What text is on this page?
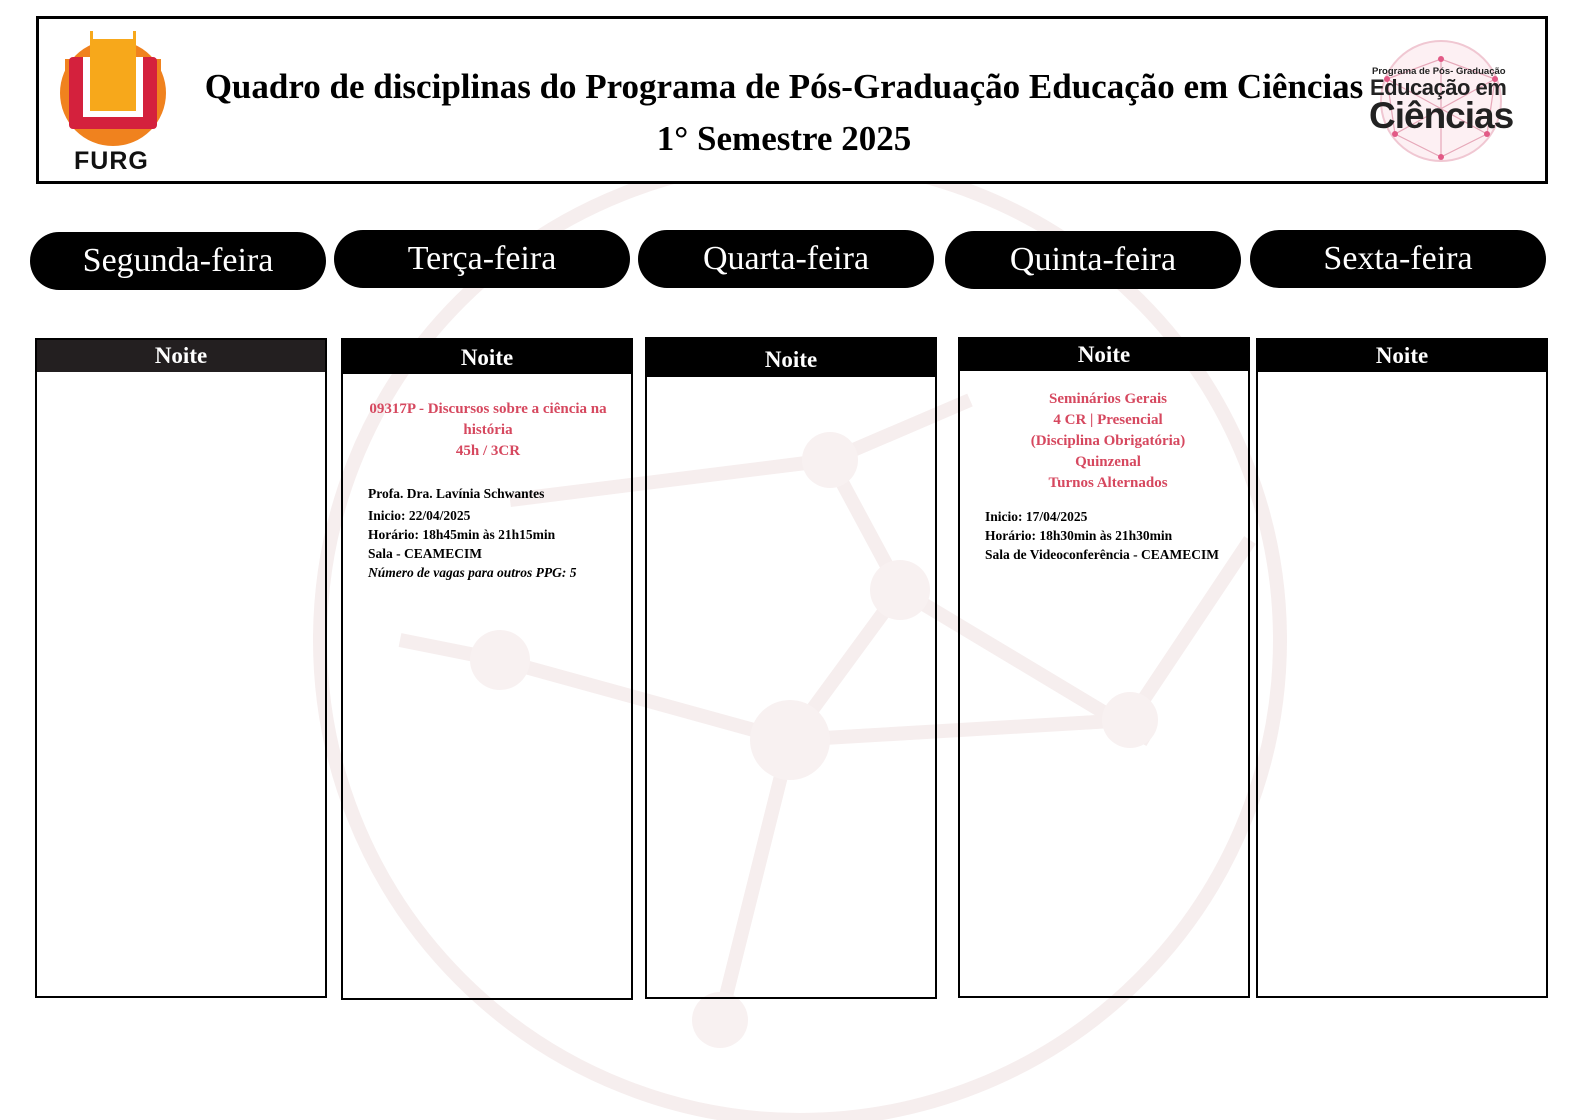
FURG
Quadro de disciplinas do Programa de Pós-Graduação Educação em Ciências
1° Semestre 2025
Programa de Pós- Graduação
Educação em
Ciências
Segunda-feira	Terça-feira	Quarta-feira	Quinta-feira	Sexta-feira
Noite	Noite
09317P - Discursos sobre a ciência na
história
45h / 3CR
Profa. Dra. Lavínia Schwantes
Inicio: 22/04/2025
Horário: 18h45min às 21h15min
Sala - CEAMECIM
Número de vagas para outros PPG: 5
Noite	Noite
Seminários Gerais
4 CR | Presencial
(Disciplina Obrigatória)
Quinzenal
Turnos Alternados
Inicio: 17/04/2025
Horário: 18h30min às 21h30min
Sala de Videoconferência - CEAMECIM
Noite
